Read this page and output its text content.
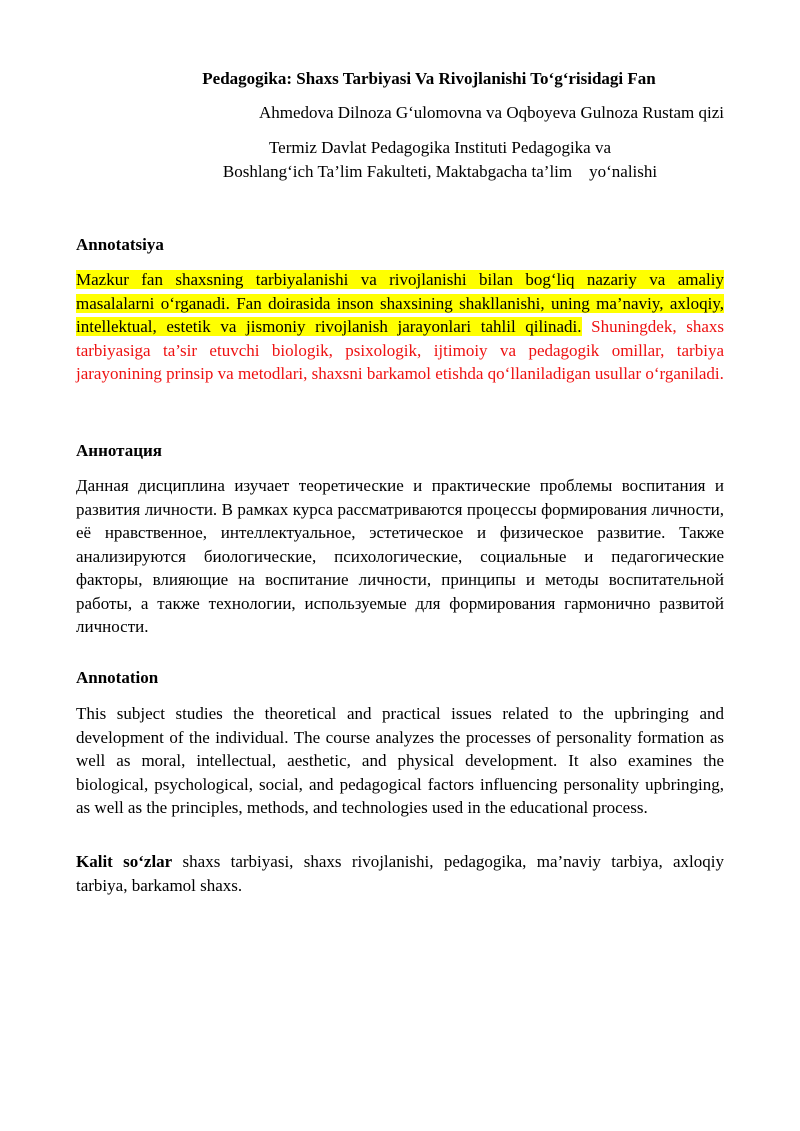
Pedagogika: Shaxs Tarbiyasi Va Rivojlanishi To‘g‘risidagi Fan
Ahmedova Dilnoza G‘ulomovna va Oqboyeva Gulnoza Rustam qizi
Termiz Davlat Pedagogika Instituti Pedagogika va
Boshlang‘ich Ta’lim Fakulteti, Maktabgacha ta’lim    yo‘nalishi
Annotatsiya
Mazkur fan shaxsning tarbiyalanishi va rivojlanishi bilan bog‘liq nazariy va amaliy masalalarni o‘rganadi. Fan doirasida inson shaxsining shakllanishi, uning ma’naviy, axloqiy, intellektual, estetik va jismoniy rivojlanish jarayonlari tahlil qilinadi. Shuningdek, shaxs tarbiyasiga ta’sir etuvchi biologik, psixologik, ijtimoiy va pedagogik omillar, tarbiya jarayonining prinsip va metodlari, shaxsni barkamol etishda qo‘llaniladigan usullar o‘rganiladi.
Аннотация
Данная дисциплина изучает теоретические и практические проблемы воспитания и развития личности. В рамках курса рассматриваются процессы формирования личности, её нравственное, интеллектуальное, эстетическое и физическое развитие. Также анализируются биологические, психологические, социальные и педагогические факторы, влияющие на воспитание личности, принципы и методы воспитательной работы, а также технологии, используемые для формирования гармонично развитой личности.
Annotation
This subject studies the theoretical and practical issues related to the upbringing and development of the individual. The course analyzes the processes of personality formation as well as moral, intellectual, aesthetic, and physical development. It also examines the biological, psychological, social, and pedagogical factors influencing personality upbringing, as well as the principles, methods, and technologies used in the educational process.
Kalit so‘zlar shaxs tarbiyasi, shaxs rivojlanishi, pedagogika, ma’naviy tarbiya, axloqiy tarbiya, barkamol shaxs.
